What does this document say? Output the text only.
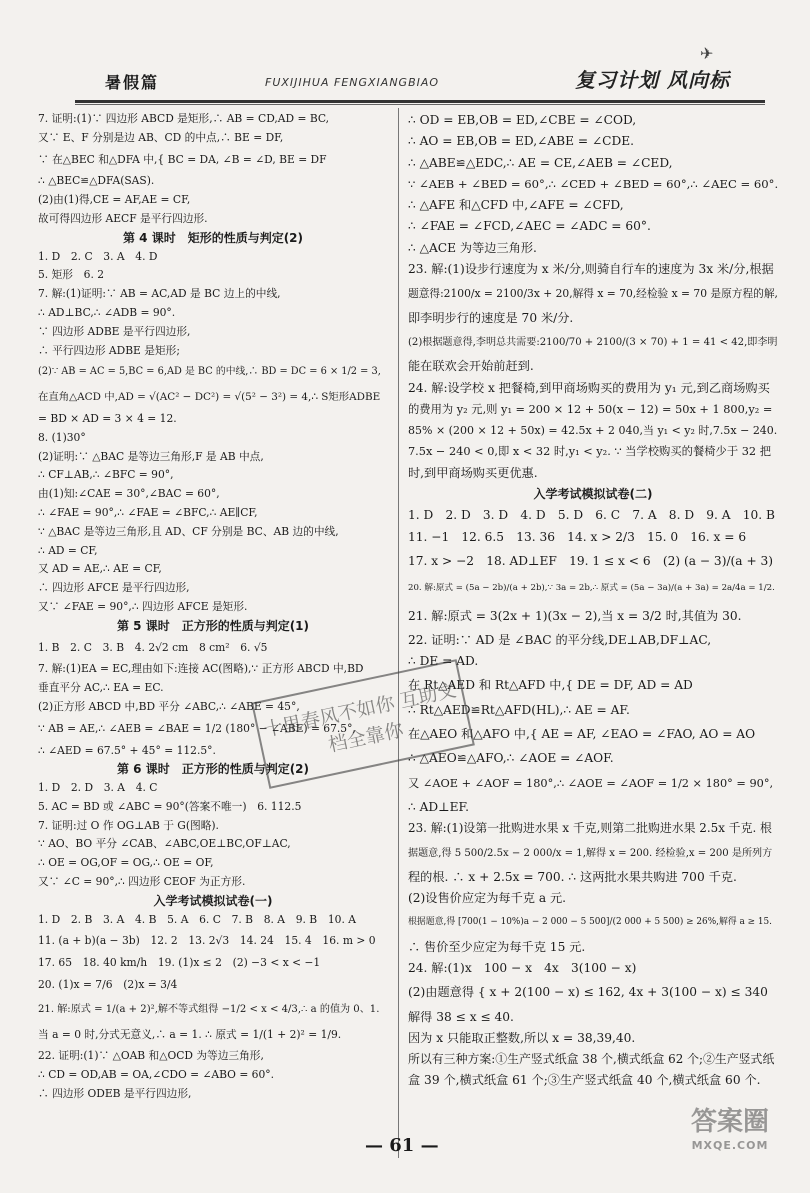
暑假篇	FUXIJIHUA FENGXIANGBIAO	复习计划 风向标
✈
7. 证明:(1)∵ 四边形 ABCD 是矩形,∴ AB = CD,AD = BC,
又∵ E、F 分别是边 AB、CD 的中点,∴ BE = DF,
∵ 在△BEC 和△DFA 中,{ BC = DA, ∠B = ∠D, BE = DF
∴ △BEC≌△DFA(SAS).
(2)由(1)得,CE = AF,AE = CF,
故可得四边形 AECF 是平行四边形.
第 4 课时　矩形的性质与判定(2)
1. D　2. C　3. A　4. D
5. 矩形　6. 2
7. 解:(1)证明:∵ AB = AC,AD 是 BC 边上的中线,
∴ AD⊥BC,∴ ∠ADB = 90°.
∵ 四边形 ADBE 是平行四边形,
∴ 平行四边形 ADBE 是矩形;
(2)∵ AB = AC = 5,BC = 6,AD 是 BC 的中线,∴ BD = DC = 6 × 1/2 = 3,
在直角△ACD 中,AD = √(AC² − DC²) = √(5² − 3²) = 4,∴ S矩形ADBE
= BD × AD = 3 × 4 = 12.
8. (1)30°
(2)证明:∵ △BAC 是等边三角形,F 是 AB 中点,
∴ CF⊥AB,∴ ∠BFC = 90°,
由(1)知:∠CAE = 30°,∠BAC = 60°,
∴ ∠FAE = 90°,∴ ∠FAE = ∠BFC,∴ AE∥CF,
∵ △BAC 是等边三角形,且 AD、CF 分别是 BC、AB 边的中线,
∴ AD = CF,
又 AD = AE,∴ AE = CF,
∴ 四边形 AFCE 是平行四边形,
又∵ ∠FAE = 90°,∴ 四边形 AFCE 是矩形.
第 5 课时　正方形的性质与判定(1)
1. B　2. C　3. B　4. 2√2 cm　8 cm²　6. √5
7. 解:(1)EA = EC,理由如下:连接 AC(图略),∵ 正方形 ABCD 中,BD
垂直平分 AC,∴ EA = EC.
(2)正方形 ABCD 中,BD 平分 ∠ABC,∴ ∠ABE = 45°,
∵ AB = AE,∴ ∠AEB = ∠BAE = 1/2 (180° − ∠ABE) = 67.5°,
∴ ∠AED = 67.5° + 45° = 112.5°.
第 6 课时　正方形的性质与判定(2)
1. D　2. D　3. A　4. C
5. AC = BD 或 ∠ABC = 90°(答案不唯一)　6. 112.5
7. 证明:过 O 作 OG⊥AB 于 G(图略).
∵ AO、BO 平分 ∠CAB、∠ABC,OE⊥BC,OF⊥AC,
∴ OE = OG,OF = OG,∴ OE = OF,
又∵ ∠C = 90°,∴ 四边形 CEOF 为正方形.
入学考试模拟试卷(一)
1. D　2. B　3. A　4. B　5. A　6. C　7. B　8. A　9. B　10. A
11. (a + b)(a − 3b)　12. 2　13. 2√3　14. 24　15. 4　16. m > 0
17. 65　18. 40 km/h　19. (1)x ≤ 2　(2) −3 < x < −1
20. (1)x = 7/6　(2)x = 3/4
21. 解:原式 = 1/(a + 2)²,解不等式组得 −1/2 < x < 4/3,∴ a 的值为 0、1.
当 a = 0 时,分式无意义,∴ a = 1. ∴ 原式 = 1/(1 + 2)² = 1/9.
22. 证明:(1)∵ △OAB 和△OCD 为等边三角形,
∴ CD = OD,AB = OA,∠CDO = ∠ABO = 60°.
∴ 四边形 ODEB 是平行四边形,
∴ OD = EB,OB = ED,∠CBE = ∠COD,
∴ AO = EB,OB = ED,∠ABE = ∠CDE.
∴ △ABE≌△EDC,∴ AE = CE,∠AEB = ∠CED,
∵ ∠AEB + ∠BED = 60°,∴ ∠CED + ∠BED = 60°,∴ ∠AEC = 60°.
∴ △AFE 和△CFD 中,∠AFE = ∠CFD,
∴ ∠FAE = ∠FCD,∠AEC = ∠ADC = 60°.
∴ △ACE 为等边三角形.
23. 解:(1)设步行速度为 x 米/分,则骑自行车的速度为 3x 米/分,根据
题意得:2100/x = 2100/3x + 20,解得 x = 70,经检验 x = 70 是原方程的解,
即李明步行的速度是 70 米/分.
(2)根据题意得,李明总共需要:2100/70 + 2100/(3 × 70) + 1 = 41 < 42,即李明
能在联欢会开始前赶到.
24. 解:设学校 x 把餐椅,到甲商场购买的费用为 y₁ 元,到乙商场购买
的费用为 y₂ 元,则 y₁ = 200 × 12 + 50(x − 12) = 50x + 1 800,y₂ =
85% × (200 × 12 + 50x) = 42.5x + 2 040,当 y₁ < y₂ 时,7.5x − 240.
7.5x − 240 < 0,即 x < 32 时,y₁ < y₂. ∵ 当学校购买的餐椅少于 32 把
时,到甲商场购买更优惠.
入学考试模拟试卷(二)
1. D　2. D　3. D　4. D　5. D　6. C　7. A　8. D　9. A　10. B
11. −1　12. 6.5　13. 36　14. x > 2/3　15. 0　16. x = 6
17. x > −2　18. AD⊥EF　19. 1 ≤ x < 6　(2) (a − 3)/(a + 3)
20. 解:原式 = (5a − 2b)/(a + 2b),∵ 3a = 2b,∴ 原式 = (5a − 3a)/(a + 3a) = 2a/4a = 1/2.
21. 解:原式 = 3(2x + 1)(3x − 2),当 x = 3/2 时,其值为 30.
22. 证明:∵ AD 是 ∠BAC 的平分线,DE⊥AB,DF⊥AC,
∴ DE = AD.
在 Rt△AED 和 Rt△AFD 中,{ DE = DF, AD = AD
∴ Rt△AED≌Rt△AFD(HL),∴ AE = AF.
在△AEO 和△AFO 中,{ AE = AF, ∠EAO = ∠FAO, AO = AO
∴ △AEO≌△AFO,∴ ∠AOE = ∠AOF.
又 ∠AOE + ∠AOF = 180°,∴ ∠AOE = ∠AOF = 1/2 × 180° = 90°,
∴ AD⊥EF.
23. 解:(1)设第一批购进水果 x 千克,则第二批购进水果 2.5x 千克. 根
据题意,得 5 500/2.5x − 2 000/x = 1,解得 x = 200. 经检验,x = 200 是所列方
程的根. ∴ x + 2.5x = 700. ∴ 这两批水果共购进 700 千克.
(2)设售价应定为每千克 a 元.
根据题意,得 [700(1 − 10%)a − 2 000 − 5 500]/(2 000 + 5 500) ≥ 26%,解得 a ≥ 15.
∴ 售价至少应定为每千克 15 元.
24. 解:(1)x　100 − x　4x　3(100 − x)
(2)由题意得 { x + 2(100 − x) ≤ 162, 4x + 3(100 − x) ≤ 340
解得 38 ≤ x ≤ 40.
因为 x 只能取正整数,所以 x = 38,39,40.
所以有三种方案:①生产竖式纸盒 38 个,横式纸盒 62 个;②生产竖式纸
盒 39 个,横式纸盒 61 个;③生产竖式纸盒 40 个,横式纸盒 60 个.
十里春风不如你 互助文档全靠你
— 61 —
答案圈
MXQE.COM
